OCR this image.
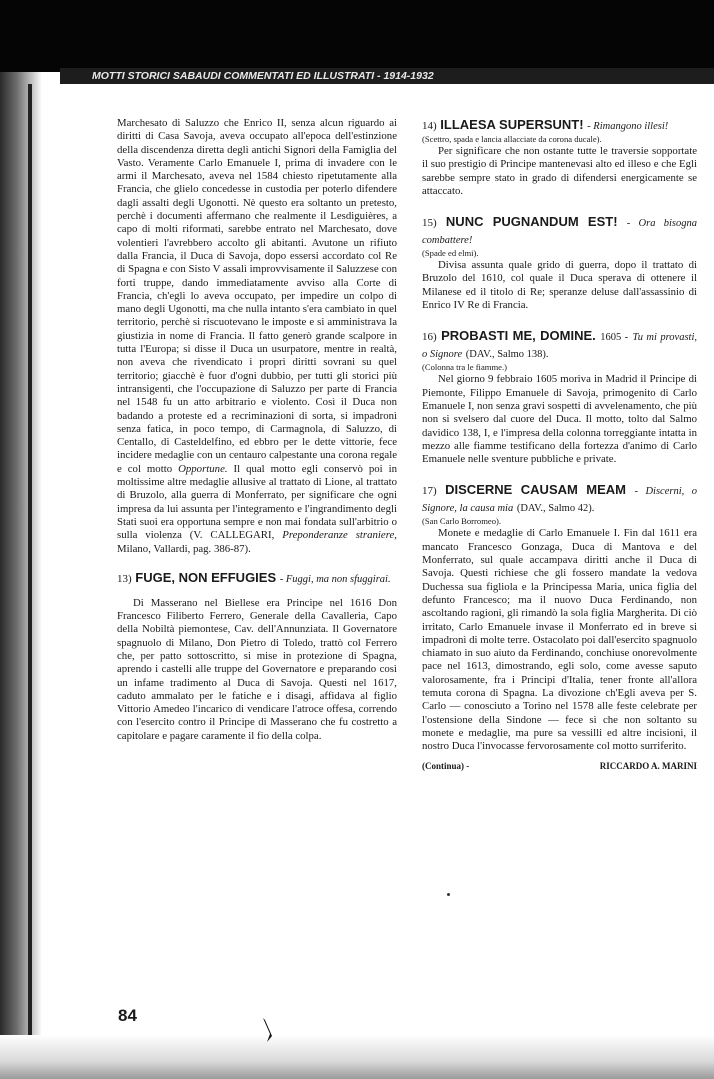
MOTTI STORICI SABAUDI COMMENTATI ED ILLUSTRATI - 1914-1932

Marchesato di Saluzzo che Enrico II, senza alcun riguardo ai diritti di Casa Savoja, aveva occupato all'epoca dell'estinzione della discendenza diretta degli antichi Signori della Famiglia del Vasto. Veramente Carlo Emanuele I, prima di invadere con le armi il Marchesato, aveva nel 1584 chiesto ripetutamente alla Francia, che glielo concedesse in custodia per poterlo difendere dagli assalti degli Ugonotti. Nè questo era soltanto un pretesto, perchè i documenti affermano che realmente il Lesdiguières, a capo di molti riformati, sarebbe entrato nel Marchesato, dove volentieri l'avrebbero accolto gli abitanti. Avutone un rifiuto dalla Francia, il Duca di Savoja, dopo essersi accordato col Re di Spagna e con Sisto V assalì improvvisamente il Saluzzese con forti truppe, dando immediatamente avviso alla Corte di Francia, ch'egli lo aveva occupato, per impedire un colpo di mano degli Ugonotti, ma che nulla intanto s'era cambiato in quel territorio, perchè si riscuotevano le imposte e si amministrava la giustizia in nome di Francia. Il fatto generò grande scalpore in tutta l'Europa; si disse il Duca un usurpatore, mentre in realtà, non aveva che rivendicato i propri diritti sovrani su quel territorio; giacchè è fuor d'ogni dubbio, per tutti gli storici più intransigenti, che l'occupazione di Saluzzo per parte di Francia nel 1548 fu un atto arbitrario e violento. Così il Duca non badando a proteste ed a recriminazioni di sorta, si impadronì senza fatica, in poco tempo, di Carmagnola, di Saluzzo, di Centallo, di Casteldelfino, ed ebbro per le dette vittorie, fece incidere medaglie con un centauro calpestante una corona regale e col motto Opportune. Il qual motto egli conservò poi in moltissime altre medaglie allusive al trattato di Lione, al trattato di Bruzolo, alla guerra di Monferrato, per significare che ogni impresa da lui assunta per l'integramento e l'ingrandimento degli Stati suoi era opportuna sempre e non mai fondata sull'arbitrio o sulla violenza (V. CALLEGARI, Preponderanze straniere, Milano, Vallardi, pag. 386-87).

13) FUGE, NON EFFUGIES - Fuggi, ma non sfuggirai.

Di Masserano nel Biellese era Principe nel 1616 Don Francesco Filiberto Ferrero, Generale della Cavalleria, Capo della Nobiltà piemontese, Cav. dell'Annunziata. Il Governatore spagnuolo di Milano, Don Pietro di Toledo, trattò col Ferrero che, per patto sottoscritto, si mise in protezione di Spagna, aprendo i castelli alle truppe del Governatore e preparando così un infame tradimento al Duca di Savoja. Questi nel 1617, caduto ammalato per le fatiche e i disagi, affidava al figlio Vittorio Amedeo l'incarico di vendicare l'atroce offesa, correndo con l'esercito contro il Principe di Masserano che fu costretto a capitolare e pagare caramente il fio della colpa.

14) ILLAESA SUPERSUNT! - Rimangono illesi!

(Scettro, spada e lancia allacciate da corona ducale).

Per significare che non ostante tutte le traversie sopportate il suo prestigio di Principe mantenevasi alto ed illeso e che Egli sarebbe sempre stato in grado di difendersi energicamente se attaccato.

15) NUNC PUGNANDUM EST! - Ora bisogna combattere!

(Spade ed elmi).

Divisa assunta quale grido di guerra, dopo il trattato di Bruzolo del 1610, col quale il Duca sperava di ottenere il Milanese ed il titolo di Re; speranze deluse dall'assassinio di Enrico IV Re di Francia.

16) PROBASTI ME, DOMINE. 1605 - Tu mi provasti, o Signore (DAV., Salmo 138).

(Colonna tra le fiamme.)

Nel giorno 9 febbraio 1605 moriva in Madrid il Principe di Piemonte, Filippo Emanuele di Savoja, primogenito di Carlo Emanuele I, non senza gravi sospetti di avvelenamento, che più non si svelsero dal cuore del Duca. Il motto, tolto dal Salmo davidico 138, I, e l'impresa della colonna torreggiante intatta in mezzo alle fiamme testificano della fortezza d'animo di Carlo Emanuele nelle sventure pubbliche e private.

17) DISCERNE CAUSAM MEAM - Discerni, o Signore, la causa mia (DAV., Salmo 42).

(San Carlo Borromeo).

Monete e medaglie di Carlo Emanuele I. Fin dal 1611 era mancato Francesco Gonzaga, Duca di Mantova e del Monferrato, sul quale accampava diritti anche il Duca di Savoja. Questi richiese che gli fossero mandate la vedova Duchessa sua figliola e la Principessa Maria, unica figlia del defunto Francesco; ma il nuovo Duca Ferdinando, non ascoltando ragioni, gli rimandò la sola figlia Margherita. Di ciò irritato, Carlo Emanuele invase il Monferrato ed in breve si impadronì di molte terre. Ostacolato poi dall'esercito spagnuolo chiamato in suo aiuto da Ferdinando, conchiuse onorevolmente pace nel 1613, dimostrando, egli solo, come avesse saputo valorosamente, fra i Principi d'Italia, tener fronte all'allora temuta corona di Spagna. La divozione ch'Egli aveva per S. Carlo — conosciuto a Torino nel 1578 alle feste celebrate per l'ostensione della Sindone — fece sì che non soltanto su monete e medaglie, ma pure sa vessilli ed altre incisioni, il nostro Duca l'invocasse fervorosamente col motto surriferito.

(Continua) -	RICCARDO A. MARINI
84
